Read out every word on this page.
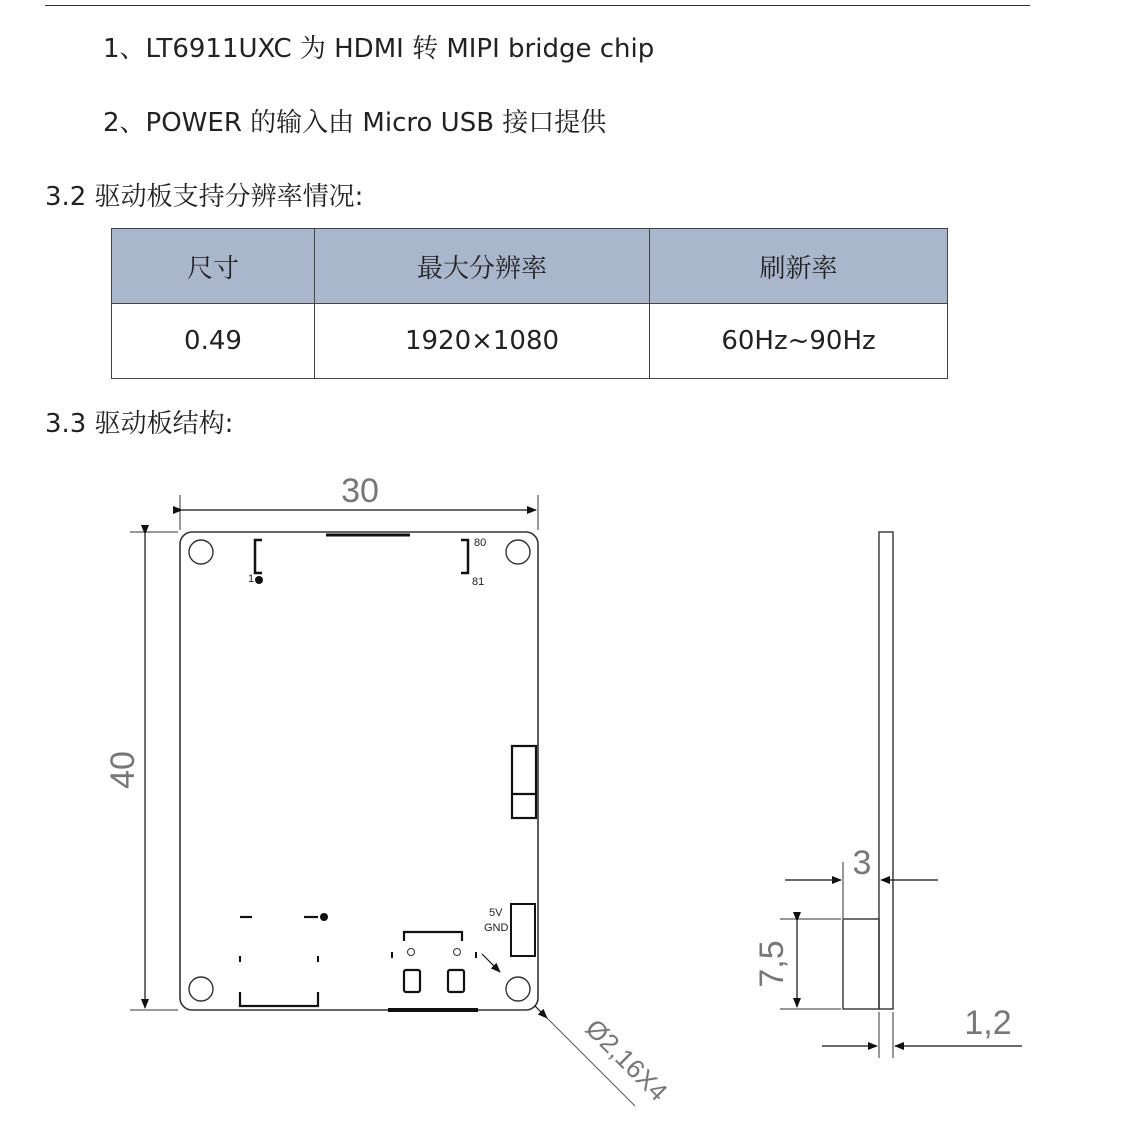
1、LT6911UXC 为 HDMI 转 MIPI bridge chip
2、POWER 的输入由 Micro USB 接口提供
3.2 驱动板支持分辨率情况:
尺寸	最大分辨率	刷新率
0.49	1920×1080	60Hz~90Hz
3.3 驱动板结构:
30
40
80
81
1
5V
GND
Ø2,16X4
3
7,5
1,2
